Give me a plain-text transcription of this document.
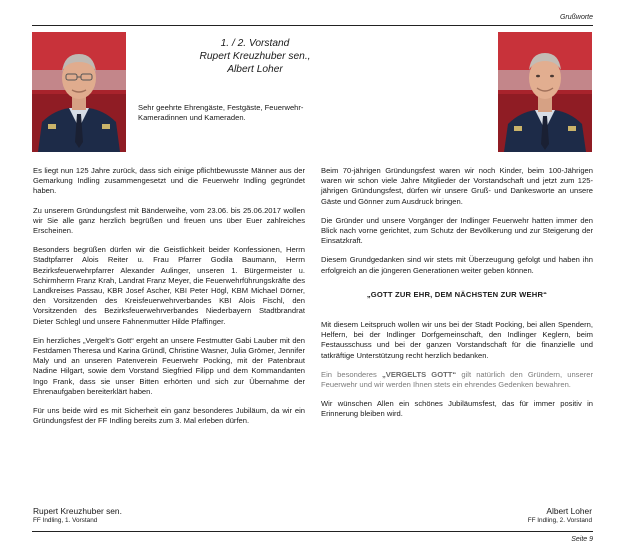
Grußworte
1. / 2. Vorstand
Rupert Kreuzhuber sen.,
Albert Loher
Sehr geehrte Ehrengäste, Festgäste, Feuerwehr-Kameradinnen und Kameraden.

Es liegt nun 125 Jahre zurück, dass sich einige pflichtbewusste Männer aus der Gemarkung Indling zusammengesetzt und die Feuerwehr Indling gegründet haben.

Zu unserem Gründungsfest mit Bänderweihe, vom 23.06. bis 25.06.2017 wollen wir Sie alle ganz herzlich begrüßen und freuen uns über Euer zahlreiches Erscheinen.

Besonders begrüßen dürfen wir die Geistlichkeit beider Konfessionen, Herrn Stadtpfarrer Alois Reiter u. Frau Pfarrer Godila Baumann, Herrn Bezirksfeuerwehrpfarrer Alexander Aulinger, unseren 1. Bürgermeister u. Schirmherrn Franz Krah, Landrat Franz Meyer, die Feuerwehrführungskräfte des Landkreises Passau, KBR Josef Ascher, KBI Peter Högl, KBM Michael Dörner, den Vorsitzenden des Kreisfeuerwehrverbandes KBI Alois Fischl, den Vorsitzenden des Bezirksfeuerwehrverbandes Niederbayern Stadtbrandrat Dieter Schlegl und unsere Fahnenmutter Hilde Pfaffinger.

Ein herzliches „Vergelt’s Gott“ ergeht an unsere Festmutter Gabi Lauber mit den Festdamen Theresa und Karina Gründl, Christine Wasner, Julia Grömer, Jennifer Maly und an unseren Patenverein Feuerwehr Pocking, mit der Patenbraut Nadine Hilgart, sowie dem Vorstand Siegfried Filipp und dem Kommandanten Ingo Frank, dass sie unser Bitten erhörten und sich zur Übernahme der Ehrenaufgaben bereiterklärt haben.

Für uns beide wird es mit Sicherheit ein ganz besonderes Jubiläum, da wir ein Gründungsfest der FF Indling bereits zum 3. Mal erleben dürfen.

Beim 70-jährigen Gründungsfest waren wir noch Kinder, beim 100-Jährigen waren wir schon viele Jahre Mitglieder der Vorstandschaft und jetzt zum 125-jährigen Gründungsfest, dürfen wir unsere Gruß- und Dankesworte an unsere Gäste und Gönner zum Ausdruck bringen.

Die Gründer und unsere Vorgänger der Indlinger Feuerwehr hatten immer den Blick nach vorne gerichtet, zum Schutz der Bevölkerung und zur Steigerung der Einsatzkraft.

Diesem Grundgedanken sind wir stets mit Überzeugung gefolgt und haben ihn erfolgreich an die jüngeren Generationen weiter geben können.

„GOTT ZUR EHR, DEM NÄCHSTEN ZUR WEHR“

Mit diesem Leitspruch wollen wir uns bei der Stadt Pocking, bei allen Spendern, Helfern, bei der Indlinger Dorfgemeinschaft, den Indlinger Keglern, beim Festausschuss und bei der ganzen Vorstandschaft für die finanzielle und tatkräftige Unterstützung recht herzlich bedanken.

Ein besonderes „VERGELTS GOTT“ gilt natürlich den Gründern, unserer Feuerwehr und wir werden Ihnen stets ein ehrendes Gedenken bewahren.

Wir wünschen Allen ein schönes Jubiläumsfest, das für immer positiv in Erinnerung bleiben wird.

Rupert Kreuzhuber sen.
FF Indling, 1. Vorstand
Albert Loher
FF Indling, 2. Vorstand
Seite 9
